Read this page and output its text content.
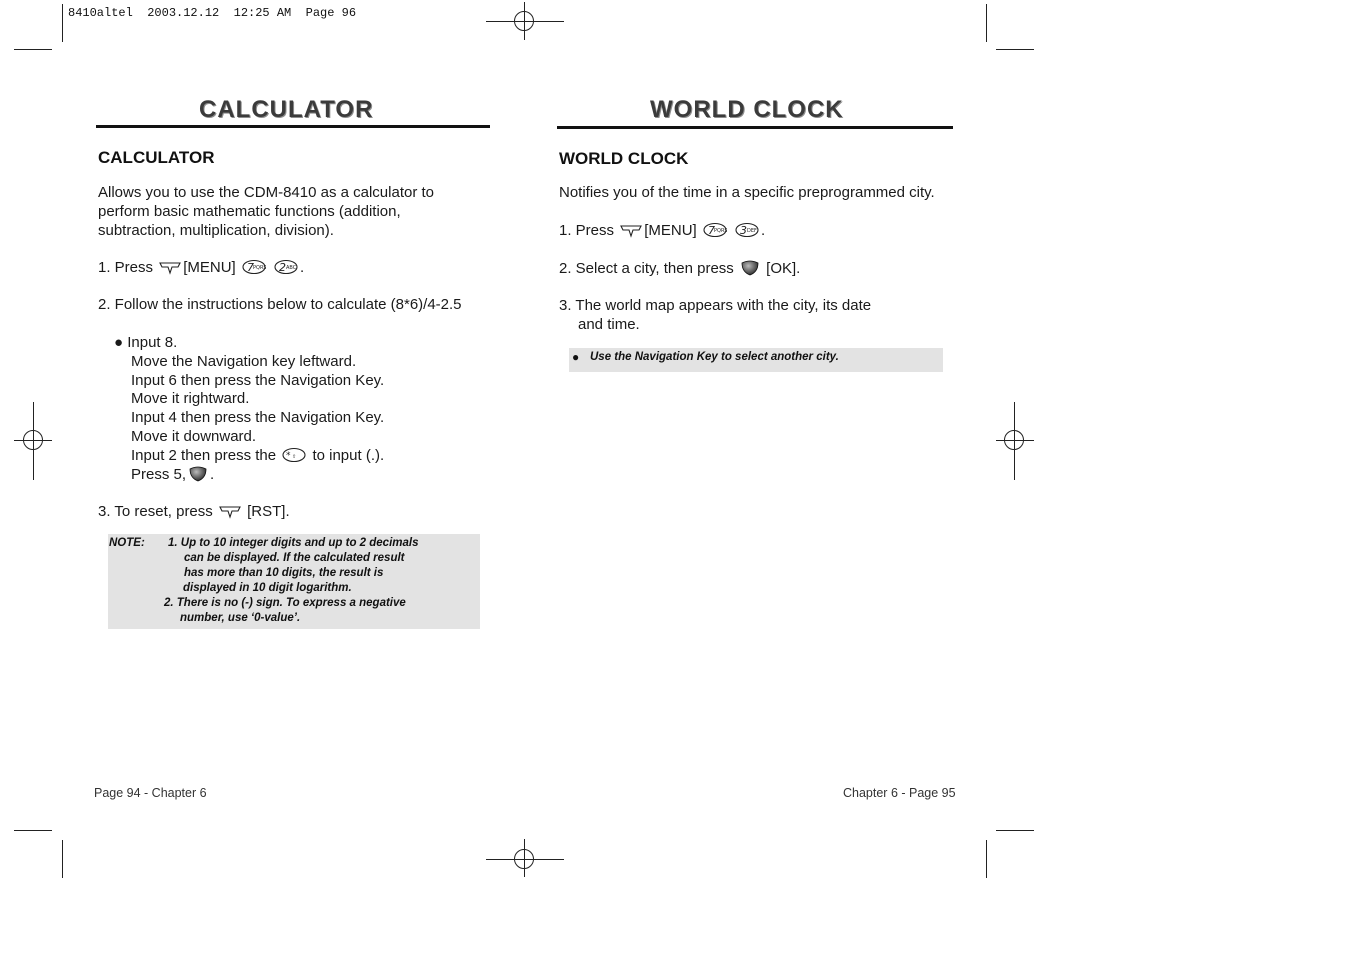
8410altel  2003.12.12  12:25 AM  Page 96
CALCULATOR
CALCULATOR
Allows you to use the CDM-8410 as a calculator to
perform basic mathematic functions (addition,
subtraction, multiplication, division).
1. Press [MENU] 7 PQRS
2 ABC .
2. Follow the instructions below to calculate (8*6)/4-2.5
● Input 8.
Move the Navigation key leftward.
Input 6 then press the Navigation Key.
Move it rightward.
Input 4 then press the Navigation Key.
Move it downward.
Input 2 then press the * ⇧ to input (.).
Press 5, .
3. To reset, press [RST].
NOTE: 1. Up to 10 integer digits and up to 2 decimals
can be displayed. If the calculated result
has more than 10 digits, the result is
displayed in 10 digit logarithm.
2. There is no (-) sign. To express a negative
number, use ‘0-value’.
Page 94 - Chapter 6
WORLD CLOCK
WORLD CLOCK
Notifies you of the time in a specific preprogrammed city.
1. Press [MENU] 7 PQRS
3 DEF .
2. Select a city, then press [OK].
3. The world map appears with the city, its date
and time.
● Use the Navigation Key to select another city.
Chapter 6 - Page 95
